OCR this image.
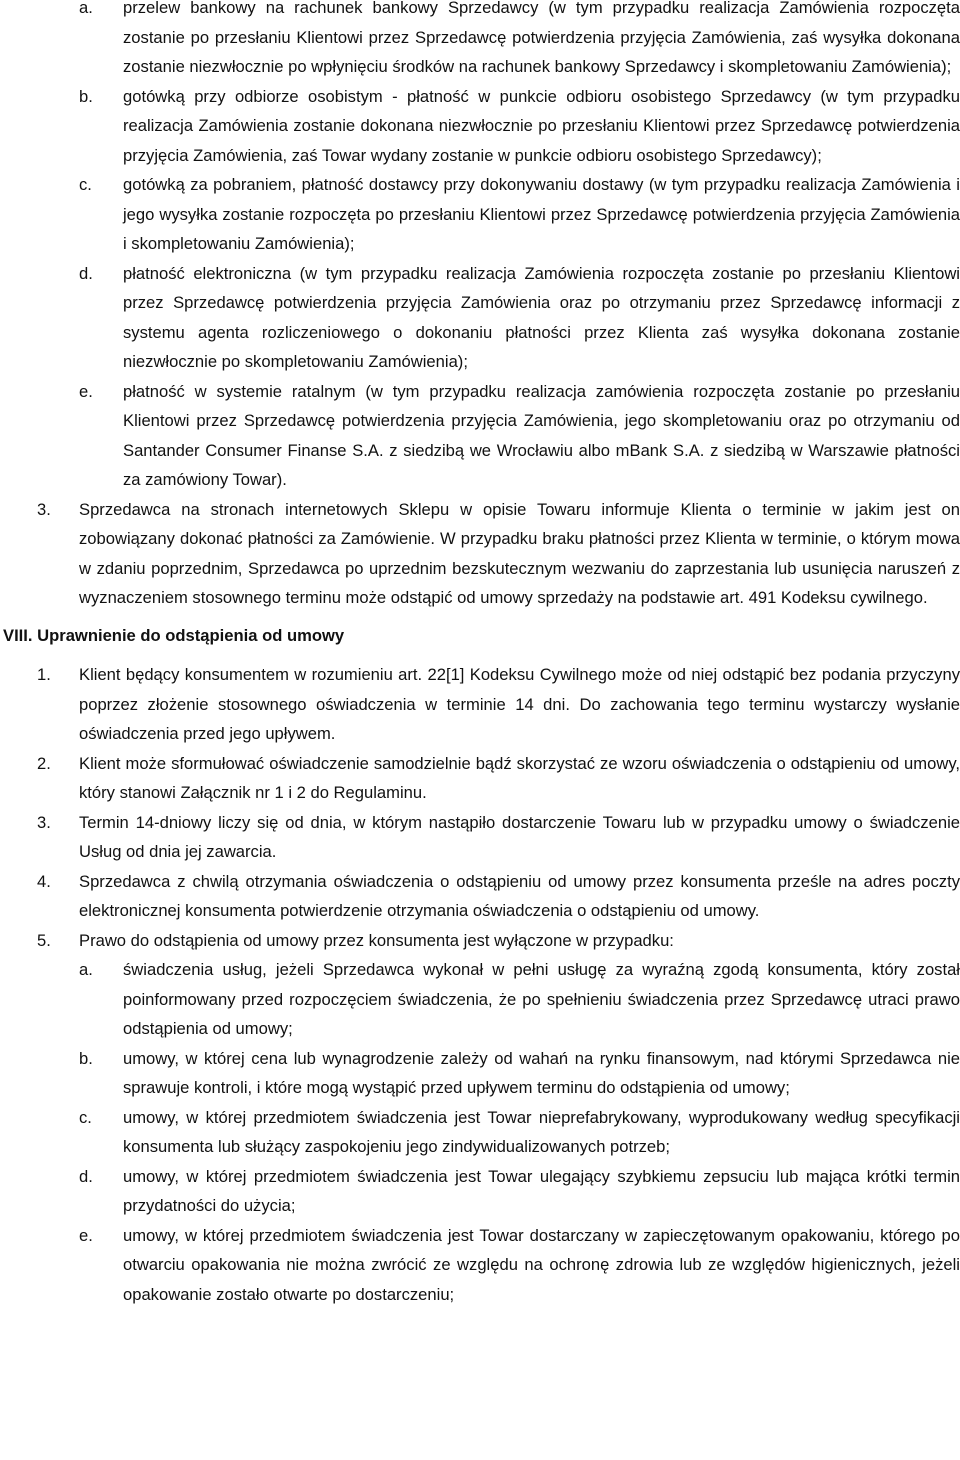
a. przelew bankowy na rachunek bankowy Sprzedawcy (w tym przypadku realizacja Zamówienia rozpoczęta zostanie po przesłaniu Klientowi przez Sprzedawcę potwierdzenia przyjęcia Zamówienia, zaś wysyłka dokonana zostanie niezwłocznie po wpłynięciu środków na rachunek bankowy Sprzedawcy i skompletowaniu Zamówienia);
b. gotówką przy odbiorze osobistym - płatność w punkcie odbioru osobistego Sprzedawcy (w tym przypadku realizacja Zamówienia zostanie dokonana niezwłocznie po przesłaniu Klientowi przez Sprzedawcę potwierdzenia przyjęcia Zamówienia, zaś Towar wydany zostanie w punkcie odbioru osobistego Sprzedawcy);
c. gotówką za pobraniem, płatność dostawcy przy dokonywaniu dostawy (w tym przypadku realizacja Zamówienia i jego wysyłka zostanie rozpoczęta po przesłaniu Klientowi przez Sprzedawcę potwierdzenia przyjęcia Zamówienia i skompletowaniu Zamówienia);
d. płatność elektroniczna (w tym przypadku realizacja Zamówienia rozpoczęta zostanie po przesłaniu Klientowi przez Sprzedawcę potwierdzenia przyjęcia Zamówienia oraz po otrzymaniu przez Sprzedawcę informacji z systemu agenta rozliczeniowego o dokonaniu płatności przez Klienta zaś wysyłka dokonana zostanie niezwłocznie po skompletowaniu Zamówienia);
e. płatność w systemie ratalnym (w tym przypadku realizacja zamówienia rozpoczęta zostanie po przesłaniu Klientowi przez Sprzedawcę potwierdzenia przyjęcia Zamówienia, jego skompletowaniu oraz po otrzymaniu od Santander Consumer Finanse S.A. z siedzibą we Wrocławiu albo mBank S.A. z siedzibą w Warszawie płatności za zamówiony Towar).
3. Sprzedawca na stronach internetowych Sklepu w opisie Towaru informuje Klienta o terminie w jakim jest on zobowiązany dokonać płatności za Zamówienie. W przypadku braku płatności przez Klienta w terminie, o którym mowa w zdaniu poprzednim, Sprzedawca po uprzednim bezskutecznym wezwaniu do zaprzestania lub usunięcia naruszeń z wyznaczeniem stosownego terminu może odstąpić od umowy sprzedaży na podstawie art. 491 Kodeksu cywilnego.
VIII. Uprawnienie do odstąpienia od umowy
1. Klient będący konsumentem w rozumieniu art. 22[1] Kodeksu Cywilnego może od niej odstąpić bez podania przyczyny poprzez złożenie stosownego oświadczenia w terminie 14 dni. Do zachowania tego terminu wystarczy wysłanie oświadczenia przed jego upływem.
2. Klient może sformułować oświadczenie samodzielnie bądź skorzystać ze wzoru oświadczenia o odstąpieniu od umowy, który stanowi Załącznik nr 1 i 2 do Regulaminu.
3. Termin 14-dniowy liczy się od dnia, w którym nastąpiło dostarczenie Towaru lub w przypadku umowy o świadczenie Usług od dnia jej zawarcia.
4. Sprzedawca z chwilą otrzymania oświadczenia o odstąpieniu od umowy przez konsumenta prześle na adres poczty elektronicznej konsumenta potwierdzenie otrzymania oświadczenia o odstąpieniu od umowy.
5. Prawo do odstąpienia od umowy przez konsumenta jest wyłączone w przypadku:
a. świadczenia usług, jeżeli Sprzedawca wykonał w pełni usługę za wyraźną zgodą konsumenta, który został poinformowany przed rozpoczęciem świadczenia, że po spełnieniu świadczenia przez Sprzedawcę utraci prawo odstąpienia od umowy;
b. umowy, w której cena lub wynagrodzenie zależy od wahań na rynku finansowym, nad którymi Sprzedawca nie sprawuje kontroli, i które mogą wystąpić przed upływem terminu do odstąpienia od umowy;
c. umowy, w której przedmiotem świadczenia jest Towar nieprefabrykowany, wyprodukowany według specyfikacji konsumenta lub służący zaspokojeniu jego zindywidualizowanych potrzeb;
d. umowy, w której przedmiotem świadczenia jest Towar ulegający szybkiemu zepsuciu lub mająca krótki termin przydatności do użycia;
e. umowy, w której przedmiotem świadczenia jest Towar dostarczany w zapieczętowanym opakowaniu, którego po otwarciu opakowania nie można zwrócić ze względu na ochronę zdrowia lub ze względów higienicznych, jeżeli opakowanie zostało otwarte po dostarczeniu;
